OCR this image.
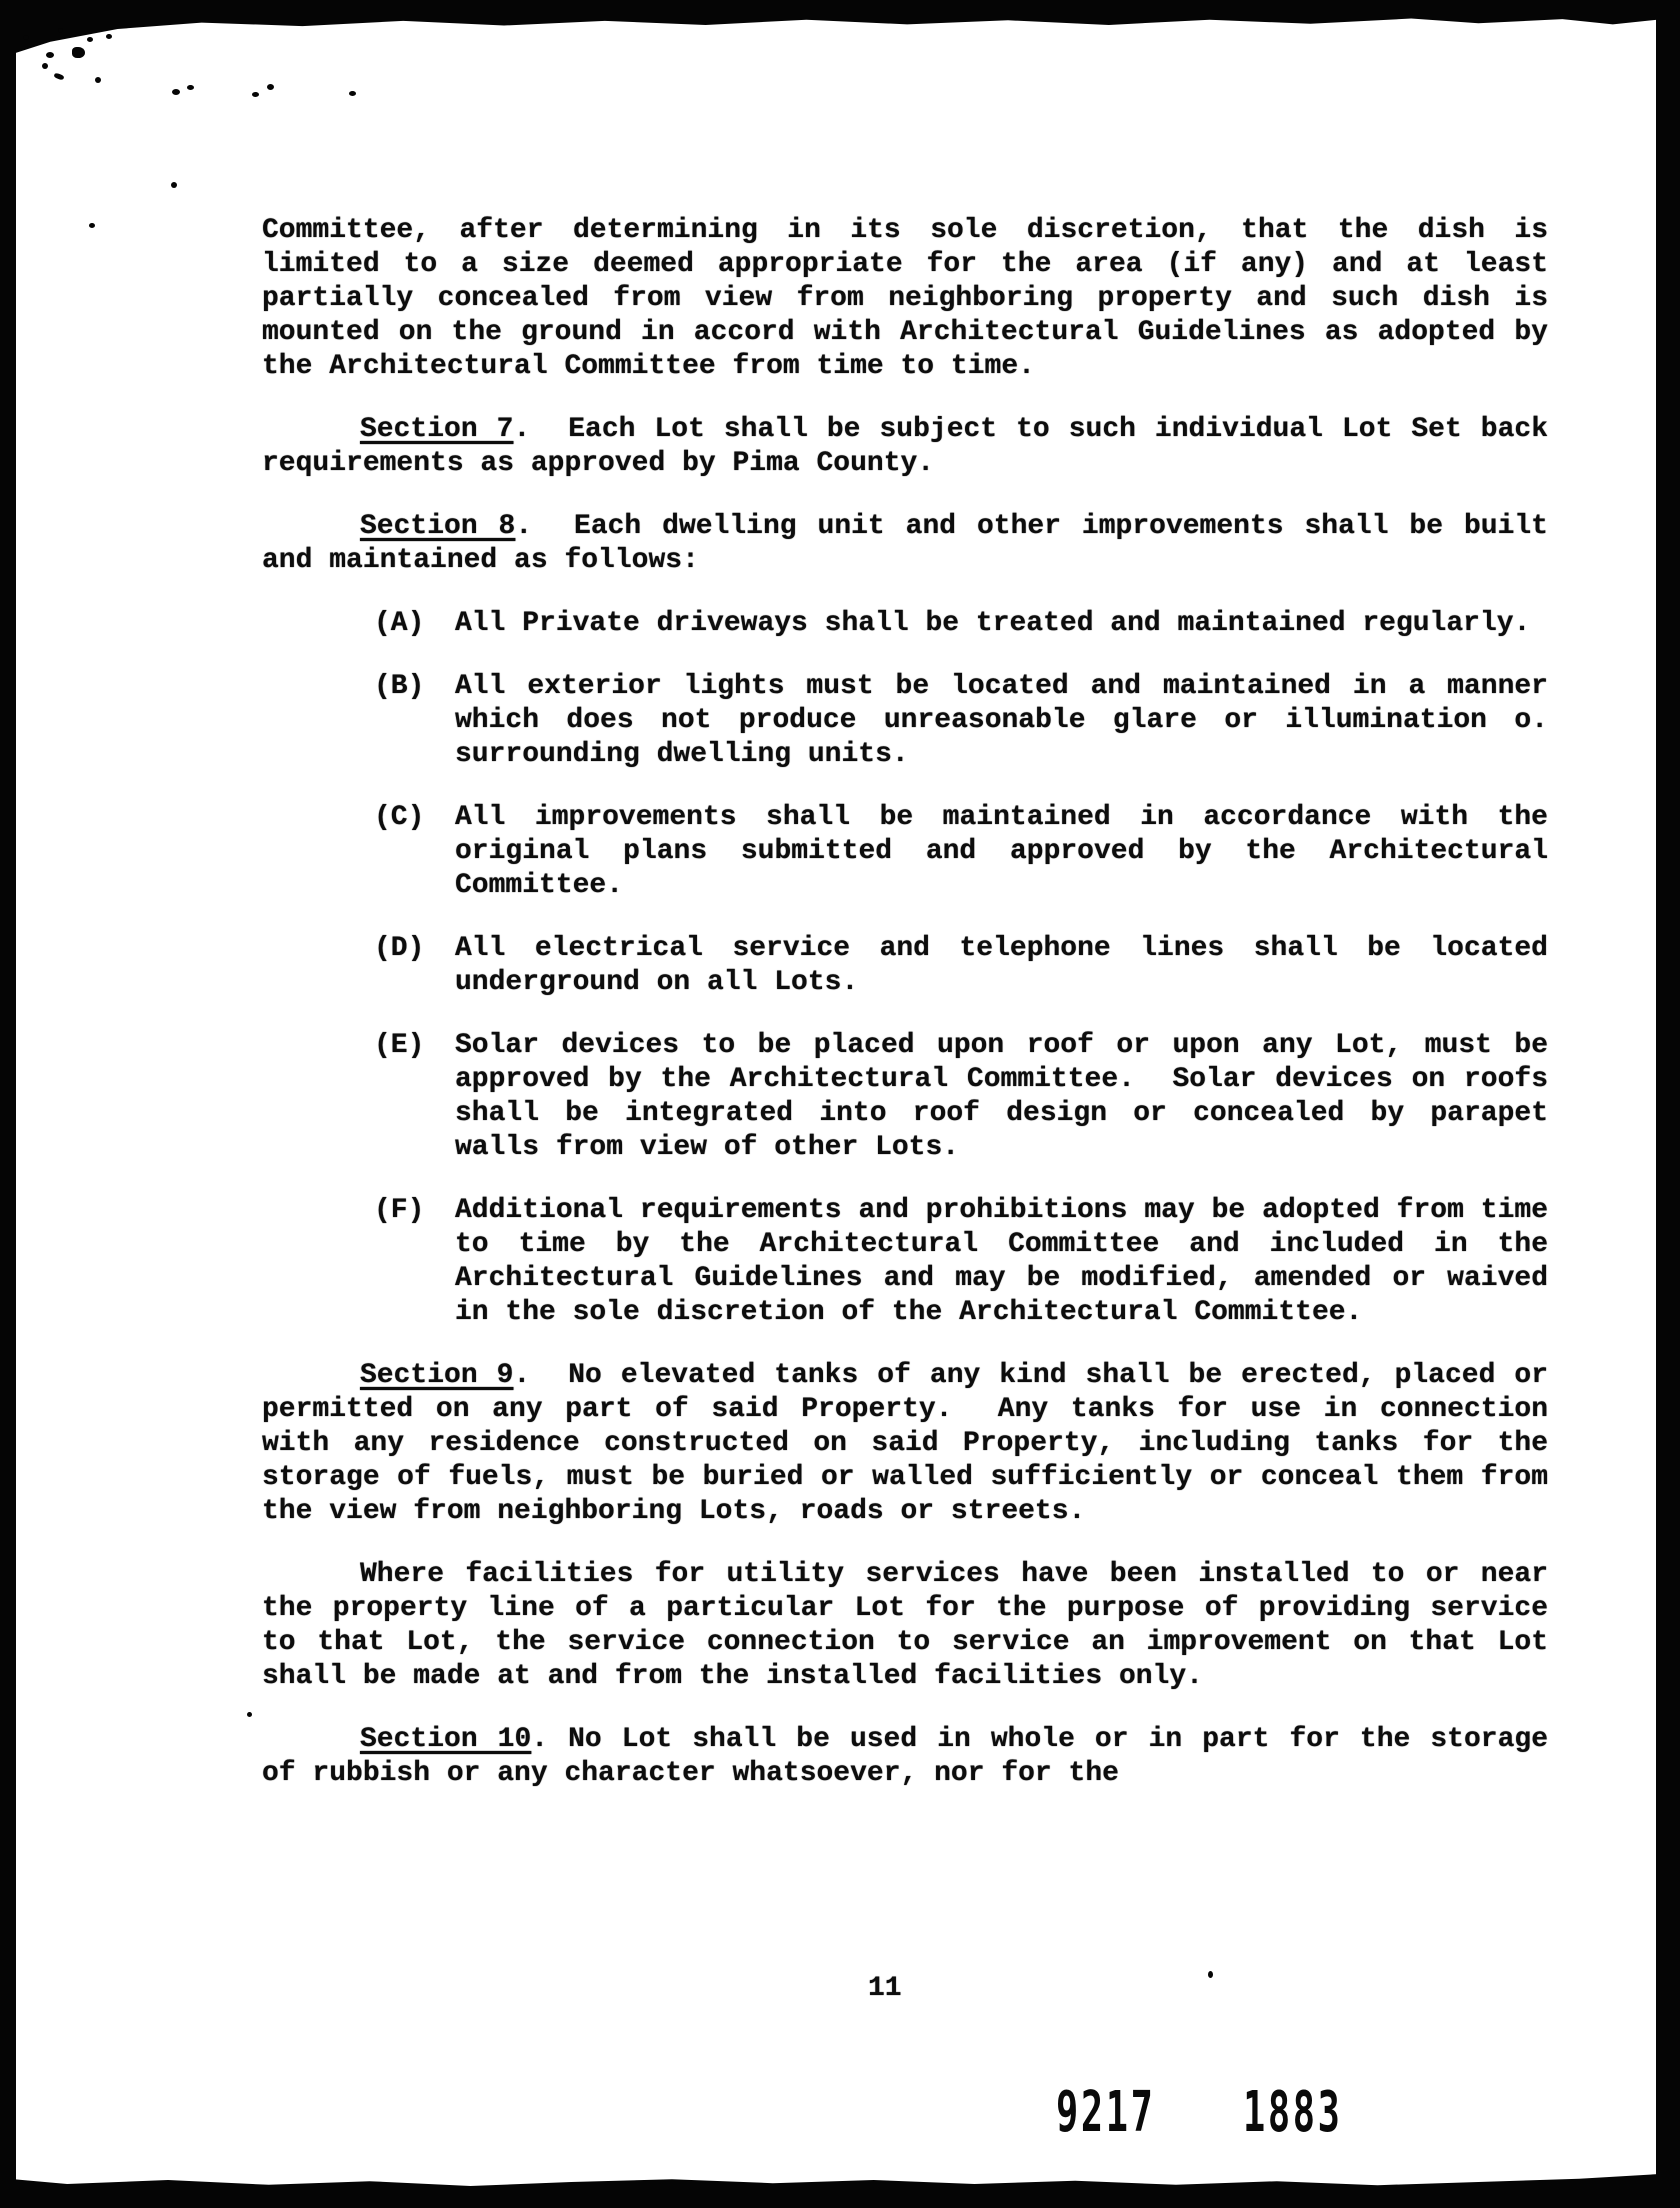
Committee, after determining in its sole discretion, that the dish is limited to a size deemed appropriate for the area (if any) and at least partially concealed from view from neighboring property and such dish is mounted on the ground in accord with Architectural Guidelines as adopted by the Architectural Committee from time to time.

Section 7.  Each Lot shall be subject to such individual Lot Set back requirements as approved by Pima County.

Section 8.  Each dwelling unit and other improvements shall be built and maintained as follows:

(A)	All Private driveways shall be treated and maintained regularly.
(B)	All exterior lights must be located and maintained in a manner which does not produce unreasonable glare or illumination o. surrounding dwelling units.
(C)	All improvements shall be maintained in accordance with the original plans submitted and approved by the Architectural Committee.
(D)	All electrical service and telephone lines shall be located underground on all Lots.
(E)	Solar devices to be placed upon roof or upon any Lot, must be approved by the Architectural Committee.  Solar devices on roofs shall be integrated into roof design or concealed by parapet walls from view of other Lots.
(F)	Additional requirements and prohibitions may be adopted from time to time by the Architectural Committee and included in the Architectural Guidelines and may be modified, amended or waived in the sole discretion of the Architectural Committee.

Section 9.  No elevated tanks of any kind shall be erected, placed or permitted on any part of said Property.  Any tanks for use in connection with any residence constructed on said Property, including tanks for the storage of fuels, must be buried or walled sufficiently or conceal them from the view from neighboring Lots, roads or streets.

Where facilities for utility services have been installed to or near the property line of a particular Lot for the purpose of providing service to that Lot, the service connection to service an improvement on that Lot shall be made at and from the installed facilities only.

Section 10. No Lot shall be used in whole or in part for the storage of rubbish or any character whatsoever, nor for the

11
9217 1883
